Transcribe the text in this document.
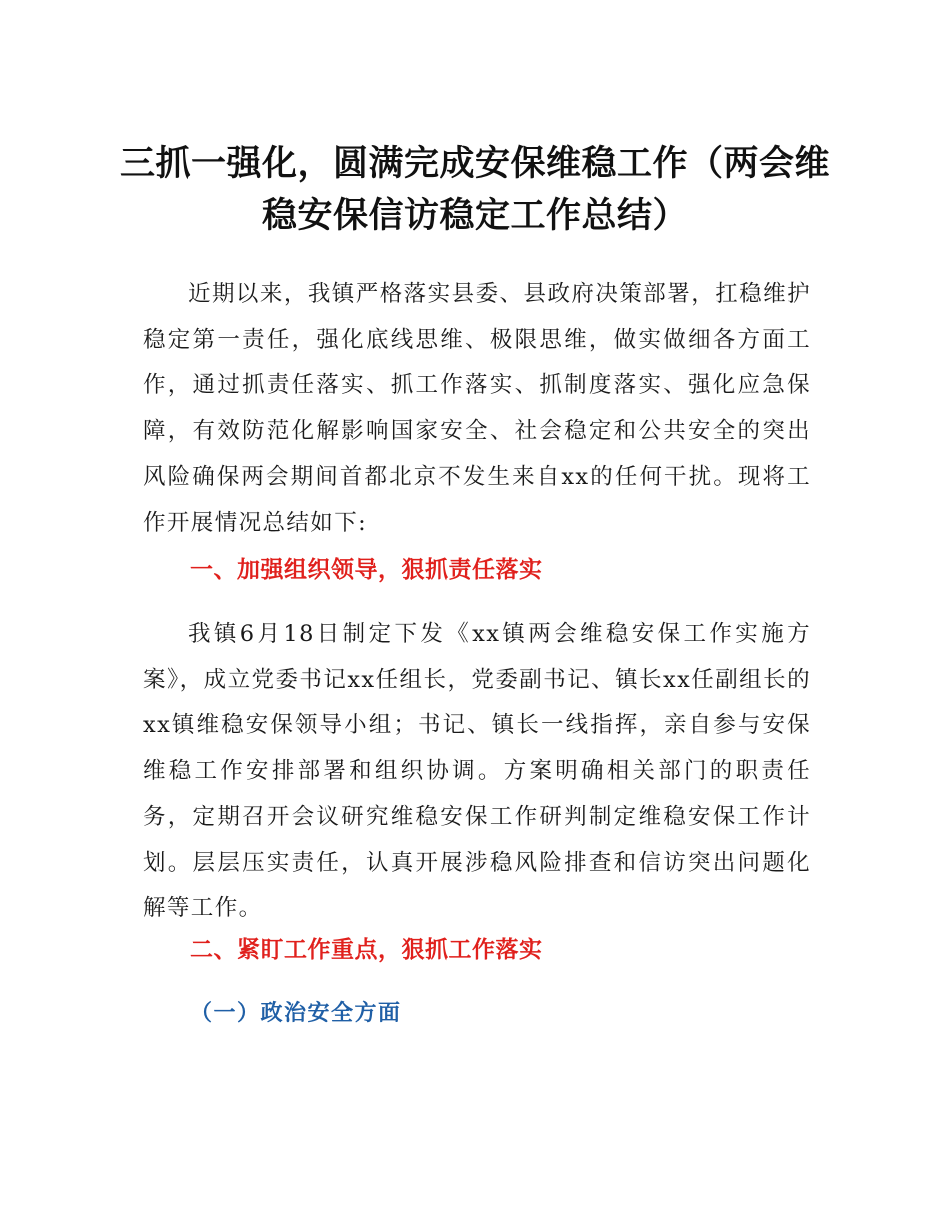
三抓一强化，圆满完成安保维稳工作（两会维稳安保信访稳定工作总结）

近期以来，我镇严格落实县委、县政府决策部署，扛稳维护稳定第一责任，强化底线思维、极限思维，做实做细各方面工作，通过抓责任落实、抓工作落实、抓制度落实、强化应急保障，有效防范化解影响国家安全、社会稳定和公共安全的突出风险确保两会期间首都北京不发生来自xx的任何干扰。现将工作开展情况总结如下:

一、加强组织领导，狠抓责任落实

我镇6月18日制定下发《xx镇两会维稳安保工作实施方案》，成立党委书记xx任组长，党委副书记、镇长xx任副组长的xx镇维稳安保领导小组；书记、镇长一线指挥，亲自参与安保维稳工作安排部署和组织协调。方案明确相关部门的职责任务，定期召开会议研究维稳安保工作研判制定维稳安保工作计划。层层压实责任，认真开展涉稳风险排查和信访突出问题化解等工作。

二、紧盯工作重点，狠抓工作落实
（一）政治安全方面
